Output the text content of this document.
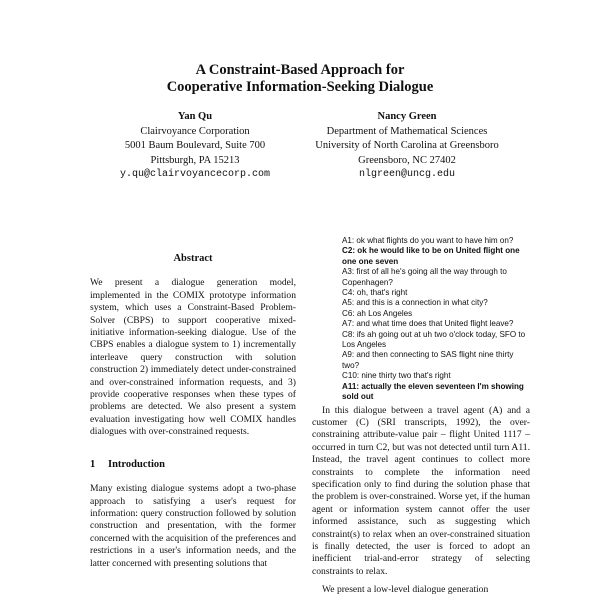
A Constraint-Based Approach for
Cooperative Information-Seeking Dialogue
Yan Qu
Clairvoyance Corporation
5001 Baum Boulevard, Suite 700
Pittsburgh, PA 15213
y.qu@clairvoyancecorp.com
Nancy Green
Department of Mathematical Sciences
University of North Carolina at Greensboro
Greensboro, NC 27402
nlgreen@uncg.edu
Abstract

We present a dialogue generation model, implemented in the COMIX prototype information system, which uses a Constraint-Based Problem-Solver (CBPS) to support cooperative mixed-initiative information-seeking dialogue. Use of the CBPS enables a dialogue system to 1) incrementally interleave query construction with solution construction 2) immediately detect under-constrained and over-constrained information requests, and 3) provide cooperative responses when these types of problems are detected. We also present a system evaluation investigating how well COMIX handles dialogues with over-constrained requests.

1 Introduction

Many existing dialogue systems adopt a two-phase approach to satisfying a user's request for information: query construction followed by solution construction and presentation, with the former concerned with the acquisition of the preferences and restrictions in a user's information needs, and the latter concerned with presenting solutions that

A1: ok what flights do you want to have him on?
C2: ok he would like to be on United flight one one one seven
A3: first of all he's going all the way through to Copenhagen?
C4: oh, that's right
A5: and this is a connection in what city?
C6: ah Los Angeles
A7: and what time does that United flight leave?
C8: ifs ah going out at uh two o'clock today, SFO to Los Angeles
A9: and then connecting to SAS flight nine thirty two?
C10: nine thirty two that's right
A11: actually the eleven seventeen I'm showing sold out

In this dialogue between a travel agent (A) and a customer (C) (SRI transcripts, 1992), the over-constraining attribute-value pair – flight United 1117 – occurred in turn C2, but was not detected until turn A11. Instead, the travel agent continues to collect more constraints to complete the information need specification only to find during the solution phase that the problem is over-constrained. Worse yet, if the human agent or information system cannot offer the user informed assistance, such as suggesting which constraint(s) to relax when an over-constrained situation is finally detected, the user is forced to adopt an inefficient trial-and-error strategy of selecting constraints to relax.

We present a low-level dialogue generation
